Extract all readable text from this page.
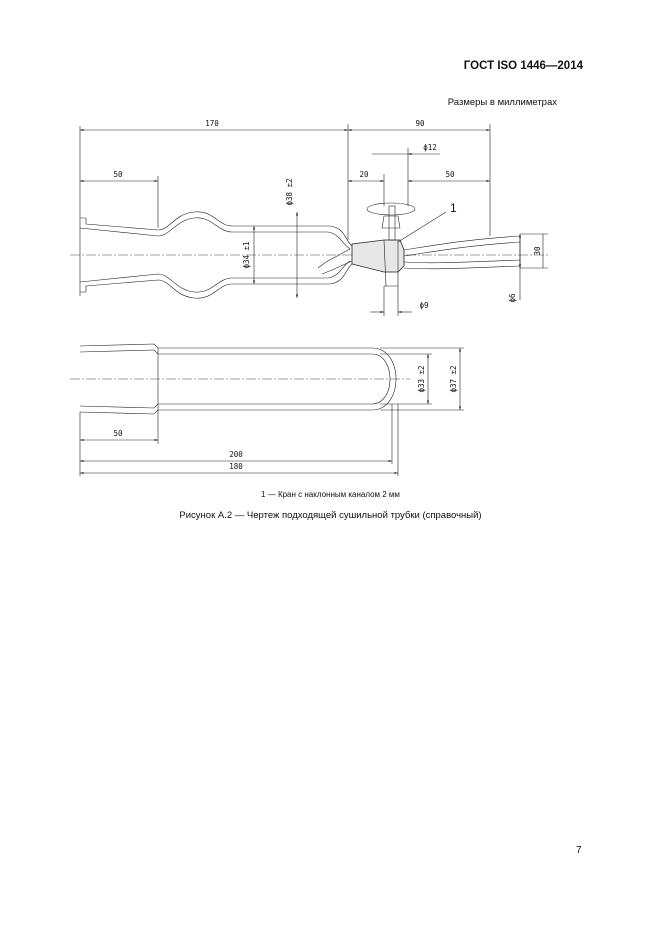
ГОСТ ISO 1446—2014
Размеры в миллиметрах
170	90
50	20
ϕ12
50
ϕ38 ±2
ϕ34 ±1	30
ϕ6
ϕ9
1
50
200
180
ϕ33 ±2	ϕ37 ±2
1 — Кран с наклонным каналом 2 мм
Рисунок А.2 — Чертеж подходящей сушильной трубки (справочный)
7
